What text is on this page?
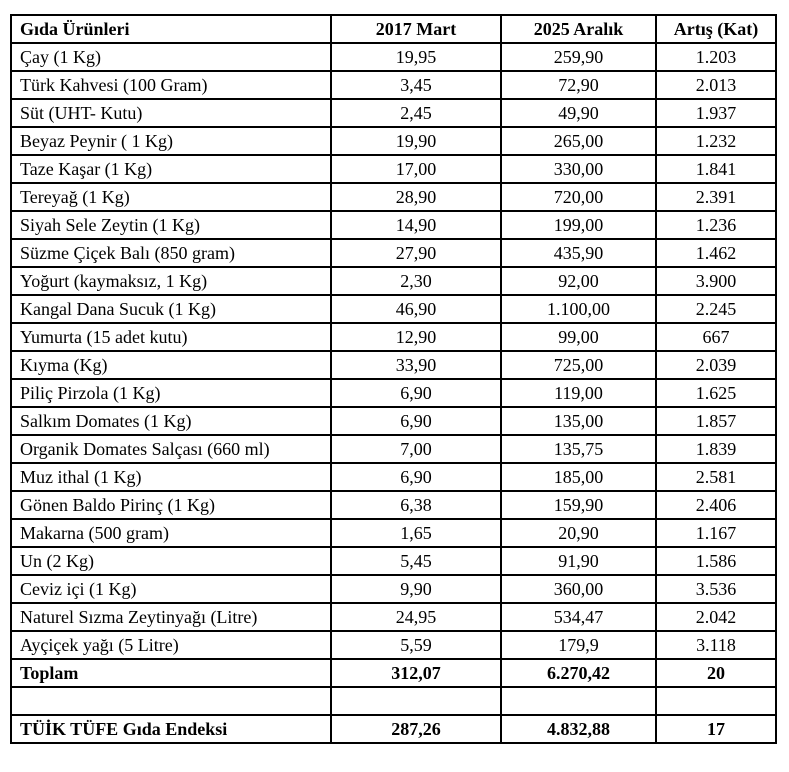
Gıda Ürünleri	2017 Mart	2025 Aralık	Artış (Kat)
Çay (1 Kg)	19,95	259,90	1.203
Türk Kahvesi (100 Gram)	3,45	72,90	2.013
Süt (UHT- Kutu)	2,45	49,90	1.937
Beyaz Peynir ( 1 Kg)	19,90	265,00	1.232
Taze Kaşar (1 Kg)	17,00	330,00	1.841
Tereyağ (1 Kg)	28,90	720,00	2.391
Siyah Sele Zeytin (1 Kg)	14,90	199,00	1.236
Süzme Çiçek Balı (850 gram)	27,90	435,90	1.462
Yoğurt (kaymaksız, 1 Kg)	2,30	92,00	3.900
Kangal Dana Sucuk (1 Kg)	46,90	1.100,00	2.245
Yumurta (15 adet kutu)	12,90	99,00	667
Kıyma (Kg)	33,90	725,00	2.039
Piliç Pirzola (1 Kg)	6,90	119,00	1.625
Salkım Domates (1 Kg)	6,90	135,00	1.857
Organik Domates Salçası (660 ml)	7,00	135,75	1.839
Muz ithal (1 Kg)	6,90	185,00	2.581
Gönen Baldo Pirinç (1 Kg)	6,38	159,90	2.406
Makarna (500 gram)	1,65	20,90	1.167
Un (2 Kg)	5,45	91,90	1.586
Ceviz içi (1 Kg)	9,90	360,00	3.536
Naturel Sızma Zeytinyağı (Litre)	24,95	534,47	2.042
Ayçiçek yağı (5 Litre)	5,59	179,9	3.118
Toplam	312,07	6.270,42	20

TÜİK TÜFE Gıda Endeksi	287,26	4.832,88	17
